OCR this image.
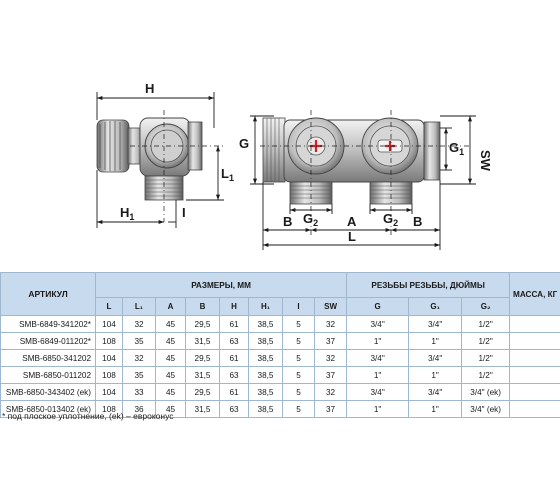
H
$L_1$
$H_1$	I
G	$G_1$ SW
$G_2$	$G_2$
B	A	B
L
АРТИКУЛ	РАЗМЕРЫ, ММ								РЕЗЬБЫ РЕЗЬБЫ, ДЮЙМЫ			МАССА, КГ
	L	L₁	A	B	H	H₁	I	SW	G	G₁	G₂	
SMB-6849-341202*	104	32	45	29,5	61	38,5	5	32	3/4"	3/4"	1/2"	
SMB-6849-011202*	108	35	45	31,5	63	38,5	5	37	1"	1"	1/2"	
SMB-6850-341202	104	32	45	29,5	61	38,5	5	32	3/4"	3/4"	1/2"	
SMB-6850-011202	108	35	45	31,5	63	38,5	5	37	1"	1"	1/2"	
SMB-6850-343402 (ek)	104	33	45	29,5	61	38,5	5	32	3/4"	3/4"	3/4" (ek)	
SMB-6850-013402 (ek)	108	36	45	31,5	63	38,5	5	37	1"	1"	3/4" (ek)	
* под плоское уплотнение, (ek) – евроконус
